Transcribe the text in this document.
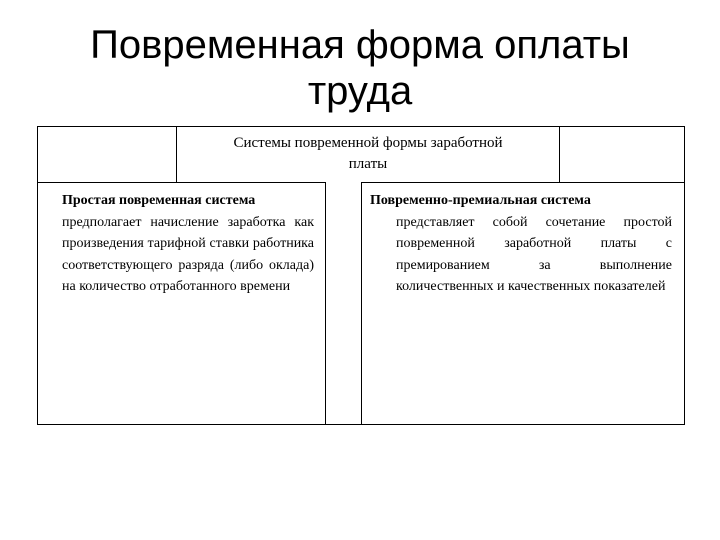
Повременная форма оплаты
труда
Системы повременной формы заработной
платы
Простая повременная система
предполагает начисление заработка как произведения тарифной ставки работника соответствующего разряда (либо оклада) на количество отработанного времени
Повременно-премиальная система
представляет собой сочетание простой повременной заработной платы с премированием за выполнение количественных и качественных показателей
